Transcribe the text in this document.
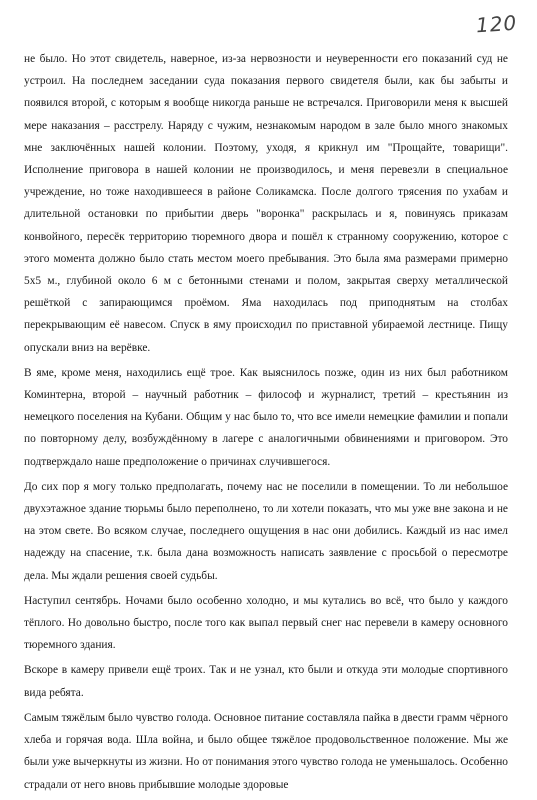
120

не было. Но этот свидетель, наверное, из-за нервозности и неуверенности его показаний суд не устроил. На последнем заседании суда показания первого свидетеля были, как бы забыты и появился второй, с которым я вообще никогда раньше не встречался. Приговорили меня к высшей мере наказания – расстрелу. Наряду с чужим, незнакомым народом в зале было много знакомых мне заключённых нашей колонии. Поэтому, уходя, я крикнул им "Прощайте, товарищи". Исполнение приговора в нашей колонии не производилось, и меня перевезли в специальное учреждение, но тоже находившееся в районе Соликамска. После долгого тряcения по ухабам и длительной остановки по прибытии дверь "воронка" раскрылась и я, повинуясь приказам конвойного, пересёк территорию тюремного двора и пошёл к странному сооружению, которое с этого момента должно было стать местом моего пребывания. Это была яма размерами примерно 5х5 м., глубиной около 6 м с бетонными стенами и полом, закрытая сверху металлической решёткой с запирающимся проёмом. Яма находилась под приподнятым на столбах перекрывающим её навесом. Спуск в яму происходил по приставной убираемой лестнице. Пищу опускали вниз на верёвке.

В яме, кроме меня, находились ещё трое. Как выяснилось позже, один из них был работником Коминтерна, второй – научный работник – философ и журналист, третий – крестьянин из немецкого поселения на Кубани. Общим у нас было то, что все имели немецкие фамилии и попали по повторному делу, возбуждённому в лагере с аналогичными обвинениями и приговором. Это подтверждало наше предположение о причинах случившегося.

До сих пор я могу только предполагать, почему нас не поселили в помещении. То ли небольшое двухэтажное здание тюрьмы было переполнено, то ли хотели показать, что мы уже вне закона и не на этом свете. Во всяком случае, последнего ощущения в нас они добились. Каждый из нас имел надежду на спасение, т.к. была дана возможность написать заявление с просьбой о пересмотре дела. Мы ждали решения своей судьбы.

Наступил сентябрь. Ночами было особенно холодно, и мы кутались во всё, что было у каждого тёплого. Но довольно быстро, после того как выпал первый снег нас перевели в камеру основного тюремного здания.

Вскоре в камеру привели ещё троих. Так и не узнал, кто были и откуда эти молодые спортивного вида ребята.

Самым тяжёлым было чувство голода. Основное питание составляла пайка в двести грамм чёрного хлеба и горячая вода. Шла война, и было общее тяжёлое продовольственное положение. Мы же были уже вычеркнуты из жизни. Но от понимания этого чувство голода не уменьшалось. Особенно страдали от него вновь прибывшие молодые здоровые
